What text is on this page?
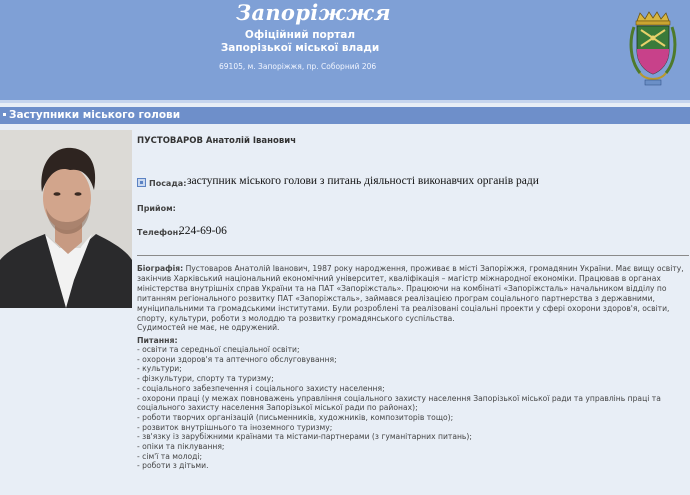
Запоріжжя
Офіційний портал
Запорізької міської влади
69105, м. Запоріжжя, пр. Соборний 206
Заступники міського голови
ПУСТОВАРОВ Анатолій Іванович
Посада: заступник міського голови з питань діяльності виконавчих органів ради
Прийом:
Телефон:
224-69-06
Біографія: Пустоваров Анатолій Іванович, 1987 року народження, проживає в місті Запоріжжя, громадянин України. Має вищу освіту, закінчив Харківський національний економічний університет, кваліфікація – магістр міжнародної економіки. Працював в органах міністерства внутрішніх справ України та на ПАТ «Запоріжсталь». Працюючи на комбінаті «Запоріжсталь» начальником відділу по питанням регіонального розвитку ПАТ «Запоріжсталь», займався реалізацією програм соціального партнерства з державними, муніципальними та громадськими інститутами. Були розроблені та реалізовані соціальні проекти у сфері охорони здоров'я, освіти, спорту, культури, роботи з молоддю та розвитку громадянського суспільства.
Судимостей не має, не одружений.
Питання:
- освіти та середньої спеціальної освіти;
- охорони здоров'я та аптечного обслуговування;
- культури;
- фізкультури, спорту та туризму;
- соціального забезпечення і соціального захисту населення;
- охорони праці (у межах повноважень управління соціального захисту населення Запорізької міської ради та управлінь праці та соціального захисту населення Запорізької міської ради по районах);
- роботи творчих організацій (письменників, художників, композиторів тощо);
- розвиток внутрішнього та іноземного туризму;
- зв'язку із зарубіжними країнами та містами-партнерами (з гуманітарних питань);
- опіки та піклування;
- сім'ї та молоді;
- роботи з дітьми.
